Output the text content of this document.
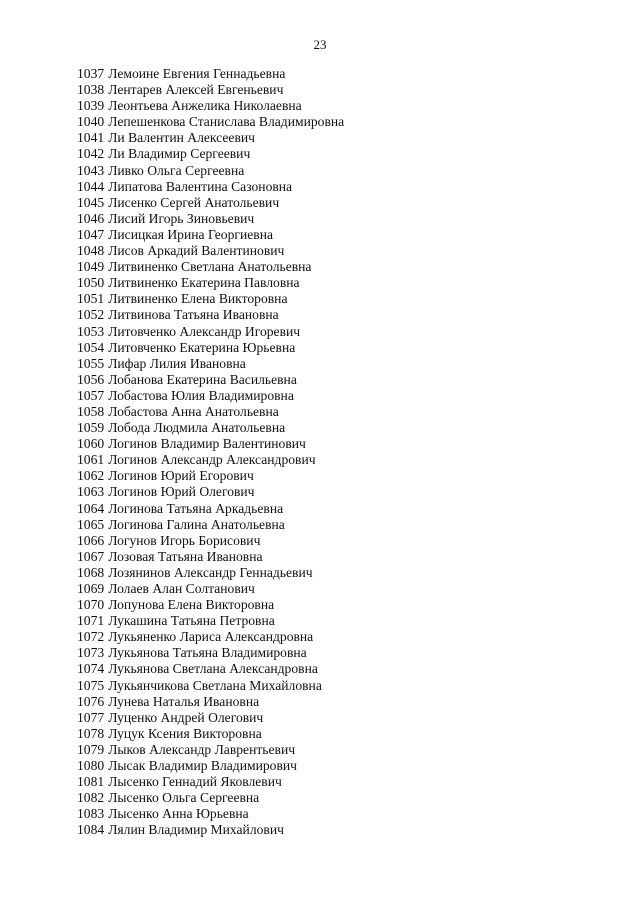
23
1037 Лемоине Евгения Геннадьевна
1038 Лентарев Алексей Евгеньевич
1039 Леонтьева Анжелика Николаевна
1040 Лепешенкова Станислава Владимировна
1041 Ли Валентин Алексеевич
1042 Ли Владимир Сергеевич
1043 Ливко Ольга Сергеевна
1044 Липатова Валентина Сазоновна
1045 Лисенко Сергей Анатольевич
1046 Лисий Игорь Зиновьевич
1047 Лисицкая Ирина Георгиевна
1048 Лисов Аркадий Валентинович
1049 Литвиненко Светлана Анатольевна
1050 Литвиненко Екатерина Павловна
1051 Литвиненко Елена Викторовна
1052 Литвинова Татьяна Ивановна
1053 Литовченко Александр Игоревич
1054 Литовченко Екатерина Юрьевна
1055 Лифар Лилия Ивановна
1056 Лобанова Екатерина Васильевна
1057 Лобастова Юлия Владимировна
1058 Лобастова Анна Анатольевна
1059 Лобода Людмила Анатольевна
1060 Логинов Владимир Валентинович
1061 Логинов Александр Александрович
1062 Логинов Юрий Егорович
1063 Логинов Юрий Олегович
1064 Логинова Татьяна Аркадьевна
1065 Логинова Галина Анатольевна
1066 Логунов Игорь Борисович
1067 Лозовая Татьяна Ивановна
1068 Лозянинов Александр Геннадьевич
1069 Лолаев Алан Солтанович
1070 Лопунова Елена Викторовна
1071 Лукашина Татьяна Петровна
1072 Лукьяненко Лариса Александровна
1073 Лукьянова Татьяна Владимировна
1074 Лукьянова Светлана Александровна
1075 Лукьянчикова Светлана Михайловна
1076 Лунева Наталья Ивановна
1077 Луценко Андрей Олегович
1078 Луцук Ксения Викторовна
1079 Лыков Александр Лаврентьевич
1080 Лысак Владимир Владимирович
1081 Лысенко Геннадий Яковлевич
1082 Лысенко Ольга Сергеевна
1083 Лысенко Анна Юрьевна
1084 Лялин Владимир Михайлович
